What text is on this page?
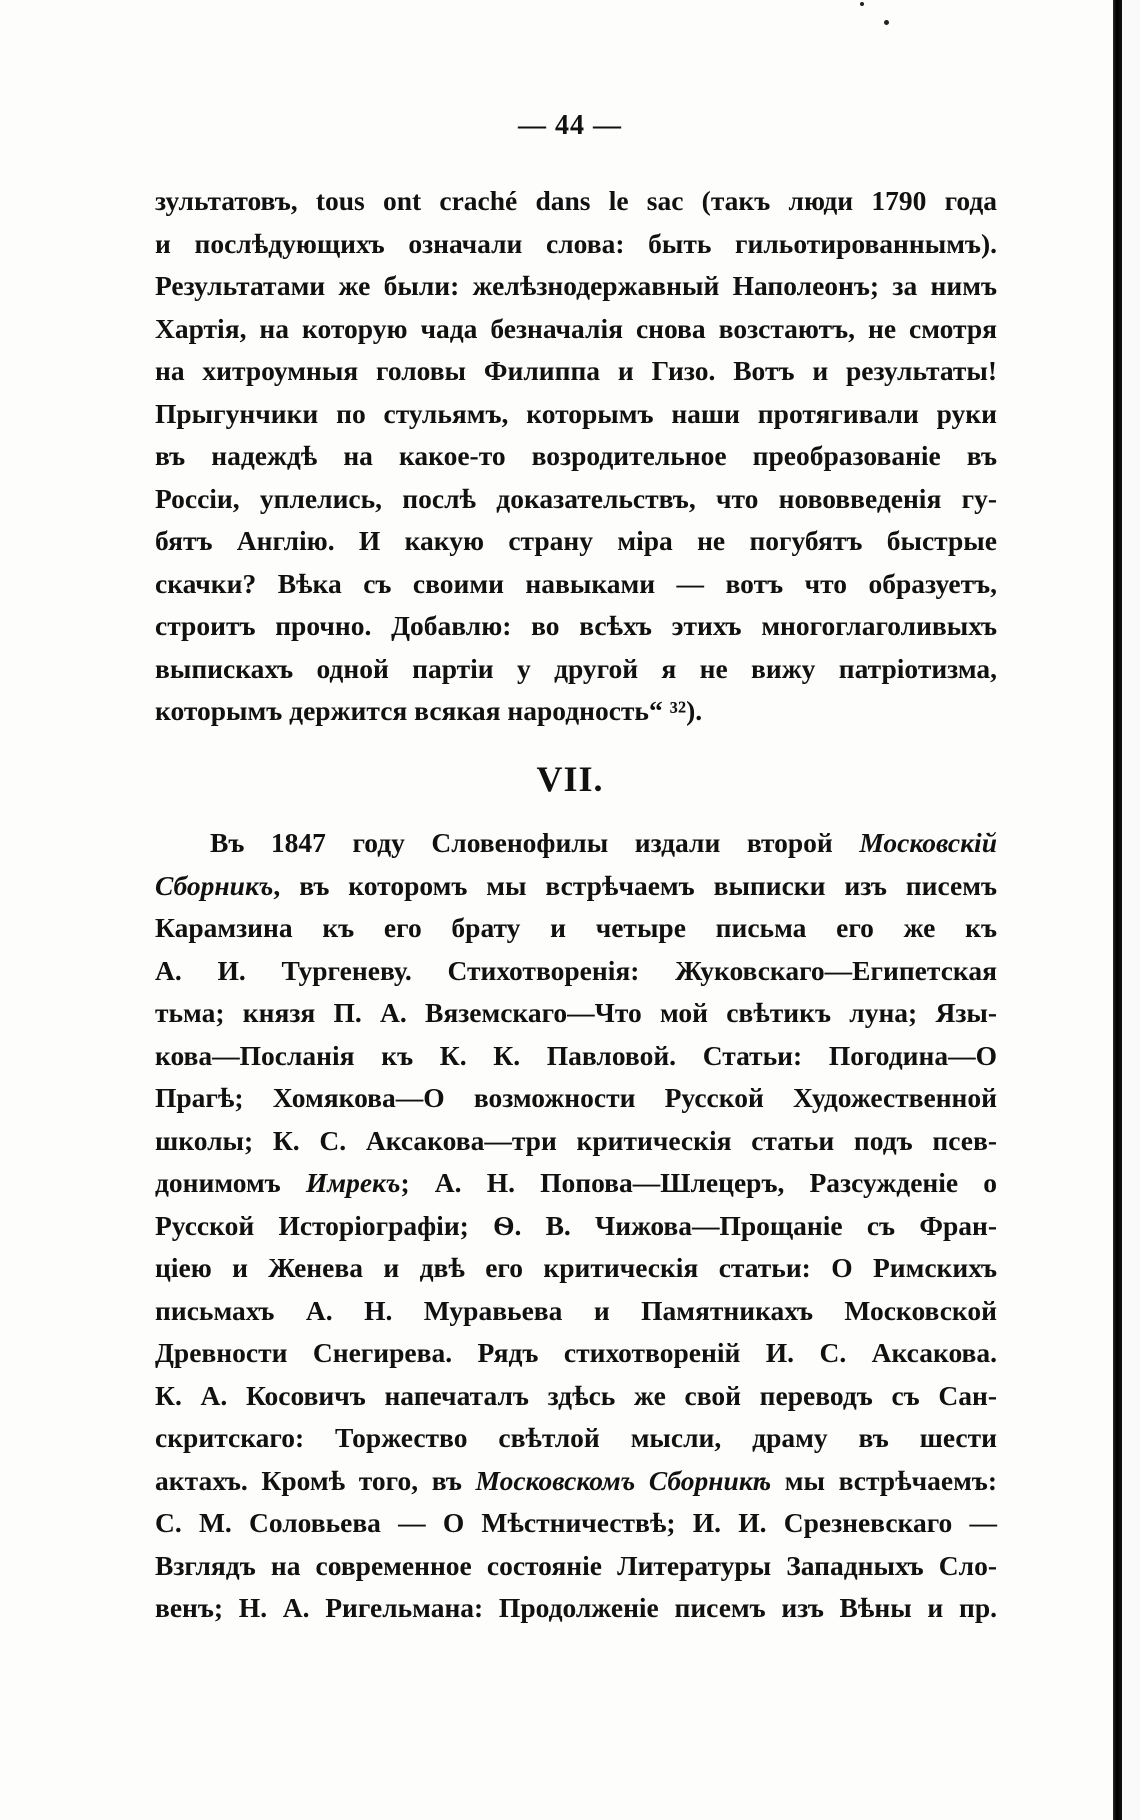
— 44 —
зультатовъ, tous ont craché dans le sac (такъ люди 1790 года
и послѣдующихъ означали слова: быть гильотированнымъ).
Результатами же были: желѣзнодержавный Наполеонъ; за нимъ
Хартія, на которую чада безначалія снова возстаютъ, не смотря
на хитроумныя головы Филиппа и Гизо. Вотъ и результаты!
Прыгунчики по стульямъ, которымъ наши протягивали руки
въ надеждѣ на какое-то возродительное преобразованіе въ
Россіи, уплелись, послѣ доказательствъ, что нововведенія гу-
бятъ Англію. И какую страну міра не погубятъ быстрые
скачки? Вѣка съ своими навыками — вотъ что образуетъ,
строитъ прочно. Добавлю: во всѣхъ этихъ многоглаголивыхъ
выпискахъ одной партіи у другой я не вижу патріотизма,
которымъ держится всякая народность“ ³²).
VII.
Въ 1847 году Словенофилы издали второй Московскій
Сборникъ, въ которомъ мы встрѣчаемъ выписки изъ писемъ
Карамзина къ его брату и четыре письма его же къ
А. И. Тургеневу. Стихотворенія: Жуковскаго—Египетская
тьма; князя П. А. Вяземскаго—Что мой свѣтикъ луна; Язы-
кова—Посланія къ К. К. Павловой. Статьи: Погодина—О
Прагѣ; Хомякова—О возможности Русской Художественной
школы; К. С. Аксакова—три критическія статьи подъ псев-
донимомъ Имрекъ; А. Н. Попова—Шлецеръ, Разсужденіе о
Русской Исторіографіи; Ѳ. В. Чижова—Прощаніе съ Фран-
ціею и Женева и двѣ его критическія статьи: О Римскихъ
письмахъ А. Н. Муравьева и Памятникахъ Московской
Древности Снегирева. Рядъ стихотвореній И. С. Аксакова.
К. А. Косовичъ напечаталъ здѣсь же свой переводъ съ Сан-
скритскаго: Торжество свѣтлой мысли, драму въ шести
актахъ. Кромѣ того, въ Московскомъ Сборникѣ мы встрѣчаемъ:
С. М. Соловьева — О Мѣстничествѣ; И. И. Срезневскаго —
Взглядъ на современное состояніе Литературы Западныхъ Сло-
венъ; Н. А. Ригельмана: Продолженіе писемъ изъ Вѣны и пр.
